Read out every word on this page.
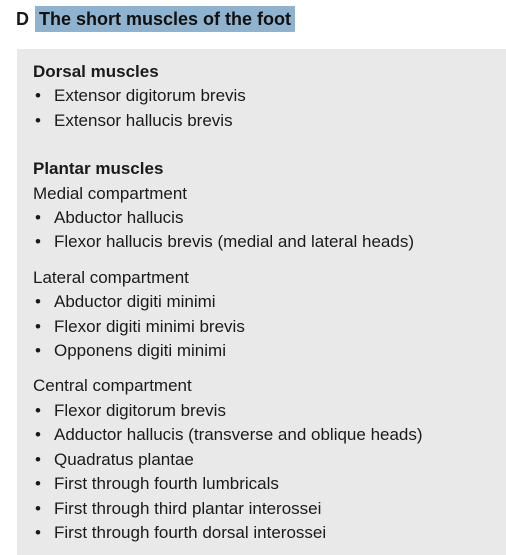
D The short muscles of the foot

Dorsal muscles

• Extensor digitorum brevis
• Extensor hallucis brevis

Plantar muscles

Medial compartment

• Abductor hallucis
• Flexor hallucis brevis (medial and lateral heads)

Lateral compartment

• Abductor digiti minimi
• Flexor digiti minimi brevis
• Opponens digiti minimi

Central compartment

• Flexor digitorum brevis
• Adductor hallucis (transverse and oblique heads)
• Quadratus plantae
• First through fourth lumbricals
• First through third plantar interossei
• First through fourth dorsal interossei
